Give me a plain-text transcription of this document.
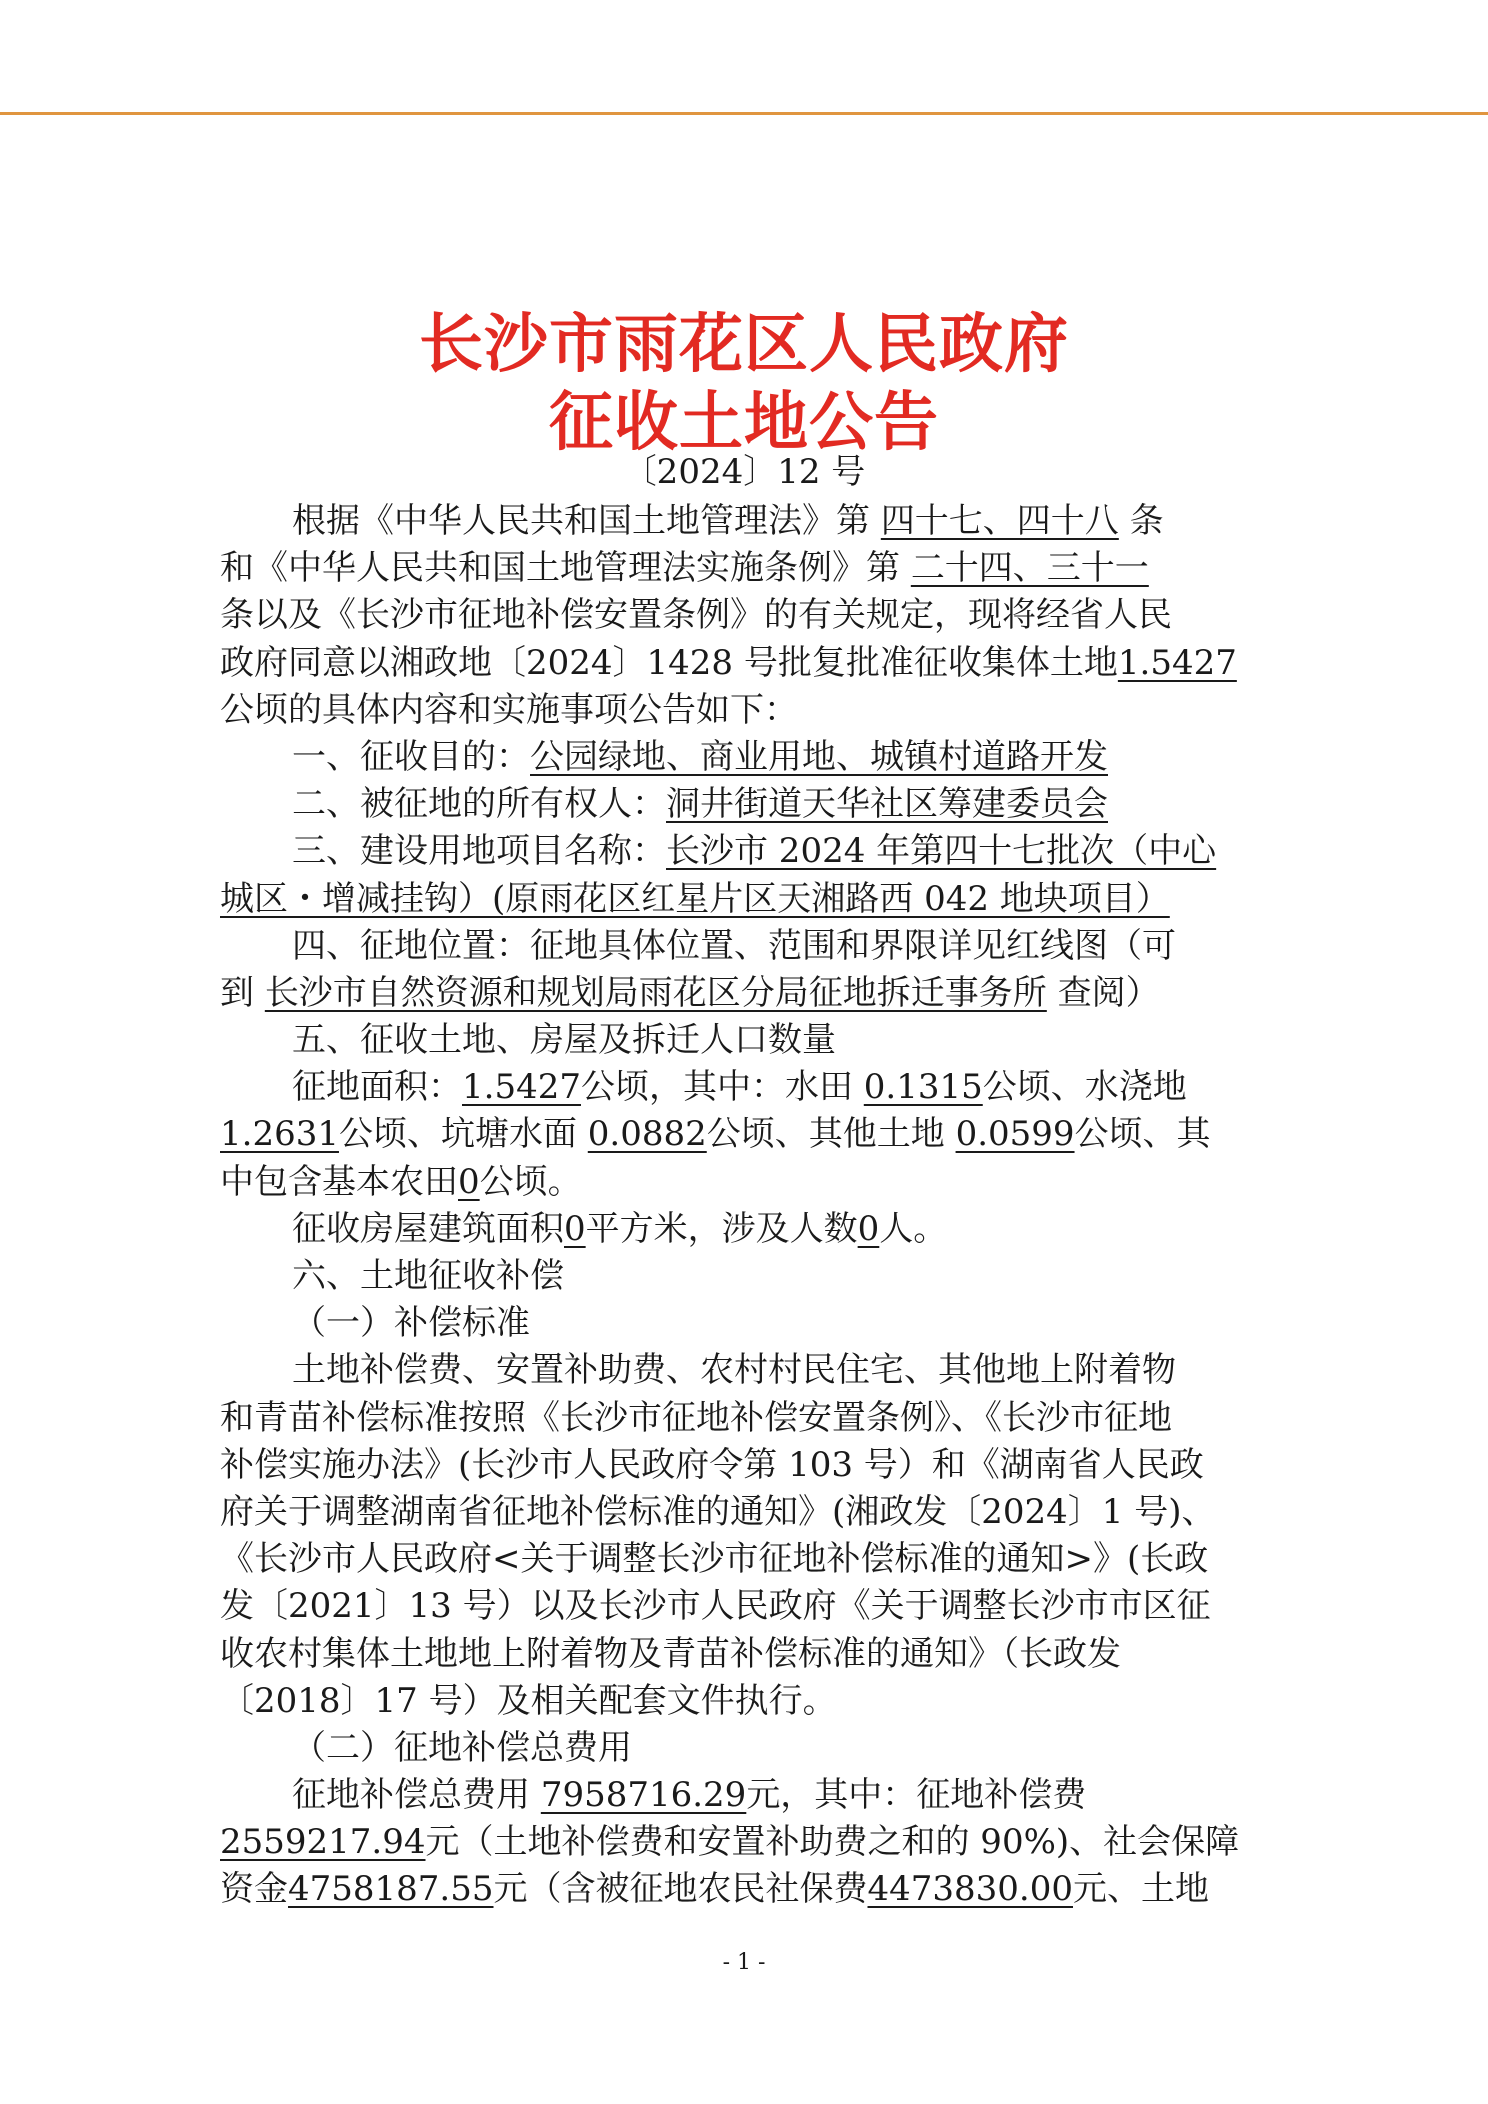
长沙市雨花区人民政府
征收土地公告
〔2024〕12 号
根据《中华人民共和国土地管理法》第 四十七、四十八 条
和《中华人民共和国土地管理法实施条例》第 二十四、三十一
条以及《长沙市征地补偿安置条例》的有关规定，现将经省人民
政府同意以湘政地〔2024〕1428 号批复批准征收集体土地1.5427
公顷的具体内容和实施事项公告如下：
一、征收目的：公园绿地、商业用地、城镇村道路开发
二、被征地的所有权人：洞井街道天华社区筹建委员会
三、建设用地项目名称：长沙市 2024 年第四十七批次（中心
城区・增减挂钩）(原雨花区红星片区天湘路西 042 地块项目）
四、征地位置：征地具体位置、范围和界限详见红线图（可
到 长沙市自然资源和规划局雨花区分局征地拆迁事务所 查阅）
五、征收土地、房屋及拆迁人口数量
征地面积：1.5427公顷，其中：水田 0.1315公顷、水浇地
1.2631公顷、坑塘水面 0.0882公顷、其他土地 0.0599公顷、其
中包含基本农田0公顷。
征收房屋建筑面积0平方米，涉及人数0人。
六、土地征收补偿
（一）补偿标准
土地补偿费、安置补助费、农村村民住宅、其他地上附着物
和青苗补偿标准按照《长沙市征地补偿安置条例》、《长沙市征地
补偿实施办法》(长沙市人民政府令第 103 号）和《湖南省人民政
府关于调整湖南省征地补偿标准的通知》(湘政发〔2024〕1 号)、
《长沙市人民政府<关于调整长沙市征地补偿标准的通知>》(长政
发〔2021〕13 号）以及长沙市人民政府《关于调整长沙市市区征
收农村集体土地地上附着物及青苗补偿标准的通知》（长政发
〔2018〕17 号）及相关配套文件执行。
（二）征地补偿总费用
征地补偿总费用 7958716.29元，其中：征地补偿费
2559217.94元（土地补偿费和安置补助费之和的 90%)、社会保障
资金4758187.55元（含被征地农民社保费4473830.00元、土地
- 1 -
